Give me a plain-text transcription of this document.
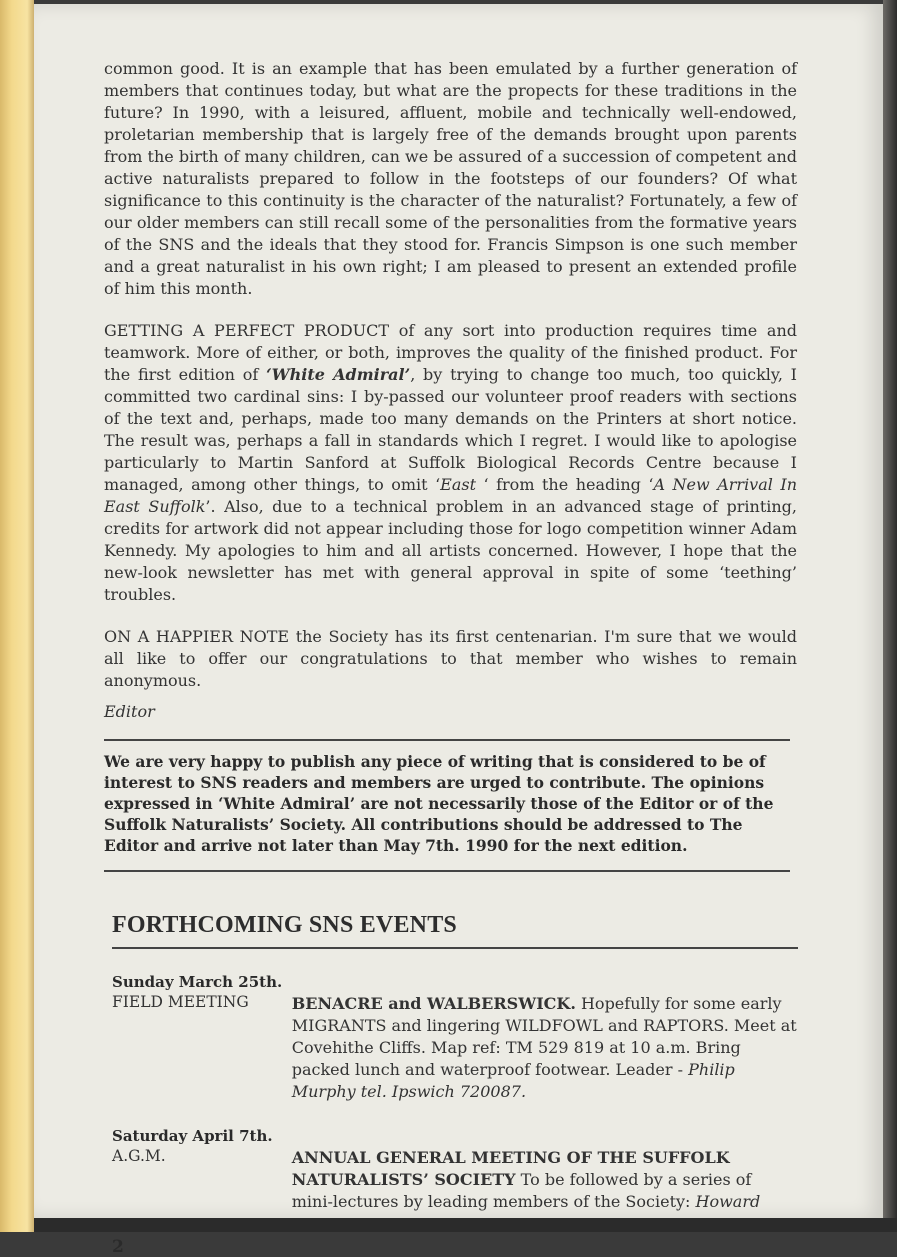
common good. It is an example that has been emulated by a further generation of members that continues today, but what are the propects for these traditions in the future? In 1990, with a leisured, affluent, mobile and technically well-endowed, proletarian membership that is largely free of the demands brought upon parents from the birth of many children, can we be assured of a succession of competent and active naturalists prepared to follow in the footsteps of our founders? Of what significance to this continuity is the character of the naturalist? Fortunately, a few of our older members can still recall some of the personalities from the formative years of the SNS and the ideals that they stood for. Francis Simpson is one such member and a great naturalist in his own right; I am pleased to present an extended profile of him this month.

GETTING A PERFECT PRODUCT of any sort into production requires time and teamwork. More of either, or both, improves the quality of the finished product. For the first edition of ‘White Admiral’, by trying to change too much, too quickly, I committed two cardinal sins: I by-passed our volunteer proof readers with sections of the text and, perhaps, made too many demands on the Printers at short notice. The result was, perhaps a fall in standards which I regret. I would like to apologise particularly to Martin Sanford at Suffolk Biological Records Centre because I managed, among other things, to omit ‘East ‘ from the heading ‘A New Arrival In East Suffolk’. Also, due to a technical problem in an advanced stage of printing, credits for artwork did not appear including those for logo competition winner Adam Kennedy. My apologies to him and all artists concerned. However, I hope that the new-look newsletter has met with general approval in spite of some ‘teething’ troubles.

ON A HAPPIER NOTE the Society has its first centenarian. I'm sure that we would all like to offer our congratulations to that member who wishes to remain anonymous.

Editor

We are very happy to publish any piece of writing that is considered to be of interest to SNS readers and members are urged to contribute. The opinions expressed in ‘White Admiral’ are not necessarily those of the Editor or of the Suffolk Naturalists’ Society. All contributions should be addressed to The Editor and arrive not later than May 7th. 1990 for the next edition.

FORTHCOMING SNS EVENTS
Sunday March 25th.
FIELD MEETING	BENACRE and WALBERSWICK. Hopefully for some early MIGRANTS and lingering WILDFOWL and RAPTORS. Meet at Covehithe Cliffs. Map ref: TM 529 819 at 10 a.m. Bring packed lunch and waterproof footwear. Leader - Philip Murphy tel. Ipswich 720087.
Saturday April 7th.
A.G.M.	ANNUAL GENERAL MEETING OF THE SUFFOLK NATURALISTS’ SOCIETY To be followed by a series of mini-lectures by leading members of the Society: Howard
2
